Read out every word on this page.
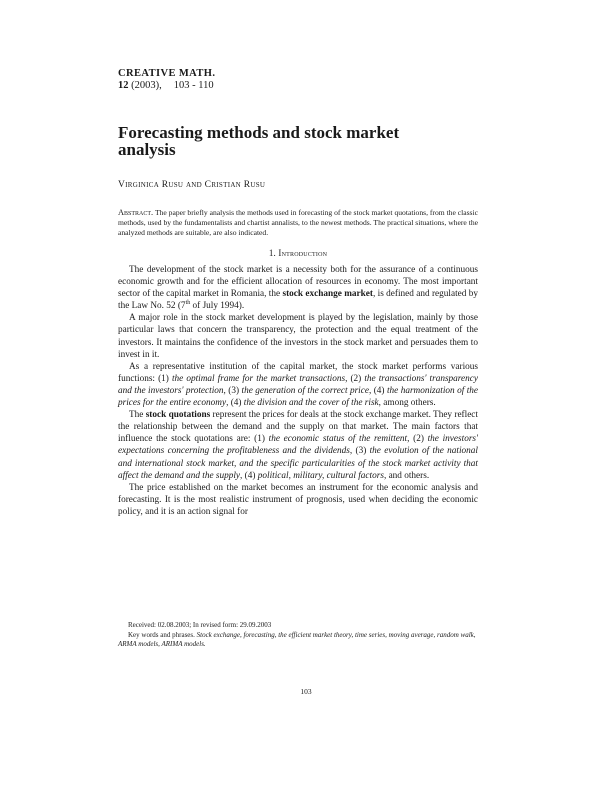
CREATIVE MATH.
12 (2003), 103 - 110
Forecasting methods and stock market analysis
Virginica Rusu and Cristian Rusu
Abstract. The paper briefly analysis the methods used in forecasting of the stock market quotations, from the classic methods, used by the fundamentalists and chartist annalists, to the newest methods. The practical situations, where the analyzed methods are suitable, are also indicated.
1. Introduction

The development of the stock market is a necessity both for the assurance of a continuous economic growth and for the efficient allocation of resources in economy. The most important sector of the capital market in Romania, the stock exchange market, is defined and regulated by the Law No. 52 (7th of July 1994).

A major role in the stock market development is played by the legislation, mainly by those particular laws that concern the transparency, the protection and the equal treatment of the investors. It maintains the confidence of the investors in the stock market and persuades them to invest in it.

As a representative institution of the capital market, the stock market performs various functions: (1) the optimal frame for the market transactions, (2) the transactions' transparency and the investors' protection, (3) the generation of the correct price, (4) the harmonization of the prices for the entire economy, (4) the division and the cover of the risk, among others.

The stock quotations represent the prices for deals at the stock exchange market. They reflect the relationship between the demand and the supply on that market. The main factors that influence the stock quotations are: (1) the economic status of the remittent, (2) the investors' expectations concerning the profitableness and the dividends, (3) the evolution of the national and international stock market, and the specific particularities of the stock market activity that affect the demand and the supply, (4) political, military, cultural factors, and others.

The price established on the market becomes an instrument for the economic analysis and forecasting. It is the most realistic instrument of prognosis, used when deciding the economic policy, and it is an action signal for

Received: 02.08.2003; In revised form: 29.09.2003
Key words and phrases. Stock exchange, forecasting, the efficient market theory, time series, moving average, random walk, ARMA models, ARIMA models.
103
